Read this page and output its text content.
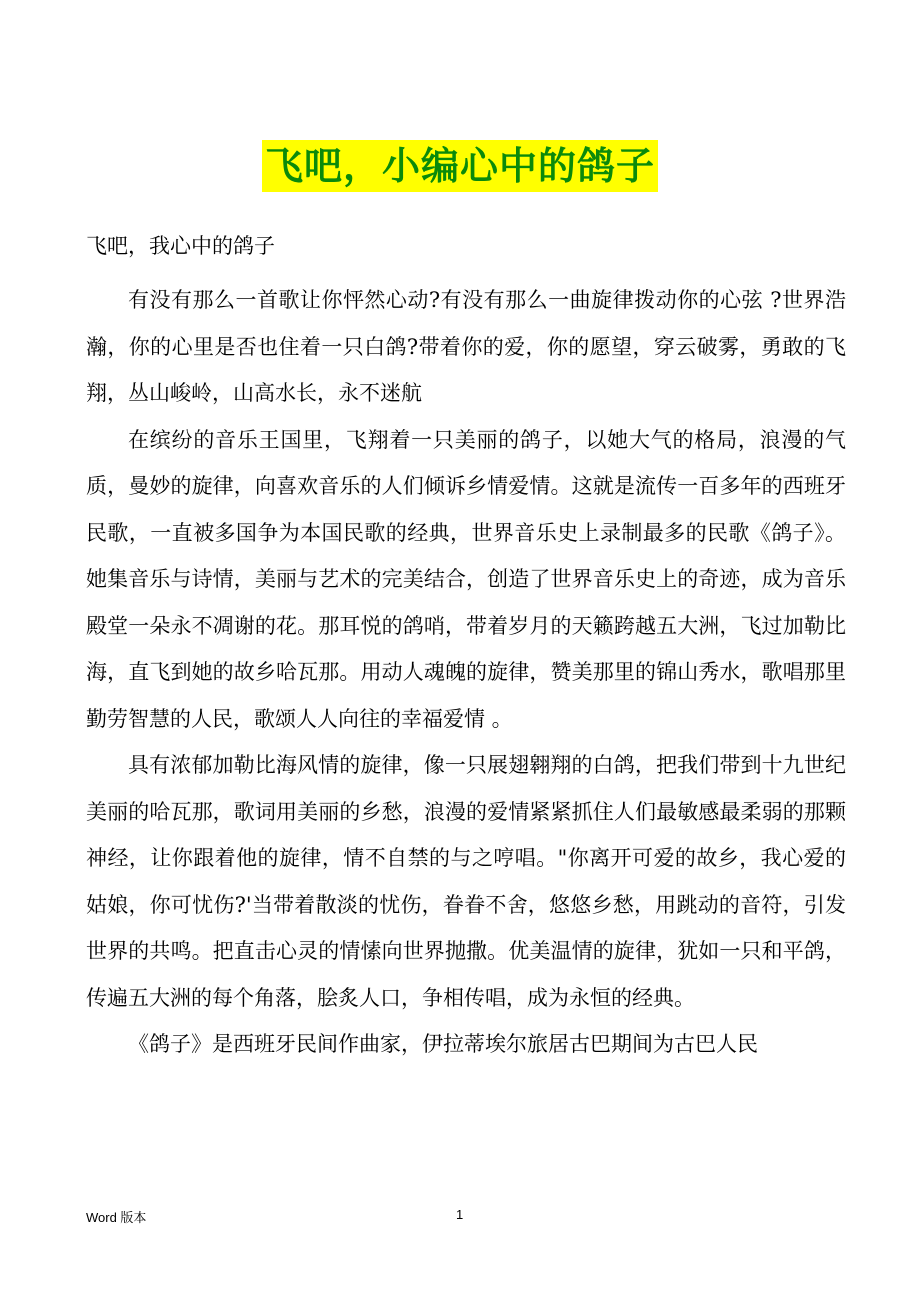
飞吧，小编心中的鸽子
飞吧，我心中的鸽子

有没有那么一首歌让你怦然心动?有没有那么一曲旋律拨动你的心弦 ?世界浩瀚，你的心里是否也住着一只白鸽?带着你的爱，你的愿望，穿云破雾，勇敢的飞翔，丛山峻岭，山高水长，永不迷航

在缤纷的音乐王国里，飞翔着一只美丽的鸽子，以她大气的格局，浪漫的气质，曼妙的旋律，向喜欢音乐的人们倾诉乡情爱情。这就是流传一百多年的西班牙民歌，一直被多国争为本国民歌的经典，世界音乐史上录制最多的民歌《鸽子》。她集音乐与诗情，美丽与艺术的完美结合，创造了世界音乐史上的奇迹，成为音乐殿堂一朵永不凋谢的花。那耳悦的鸽哨，带着岁月的天籁跨越五大洲，飞过加勒比海，直飞到她的故乡哈瓦那。用动人魂魄的旋律，赞美那里的锦山秀水，歌唱那里勤劳智慧的人民，歌颂人人向往的幸福爱情 。

具有浓郁加勒比海风情的旋律，像一只展翅翱翔的白鸽，把我们带到十九世纪美丽的哈瓦那，歌词用美丽的乡愁，浪漫的爱情紧紧抓住人们最敏感最柔弱的那颗神经，让你跟着他的旋律，情不自禁的与之哼唱。"你离开可爱的故乡，我心爱的姑娘，你可忧伤?'当带着散淡的忧伤，眷眷不舍，悠悠乡愁，用跳动的音符，引发世界的共鸣。把直击心灵的情愫向世界抛撒。优美温情的旋律，犹如一只和平鸽，传遍五大洲的每个角落，脍炙人口，争相传唱，成为永恒的经典。

《鸽子》是西班牙民间作曲家，伊拉蒂埃尔旅居古巴期间为古巴人民

Word 版本	1
